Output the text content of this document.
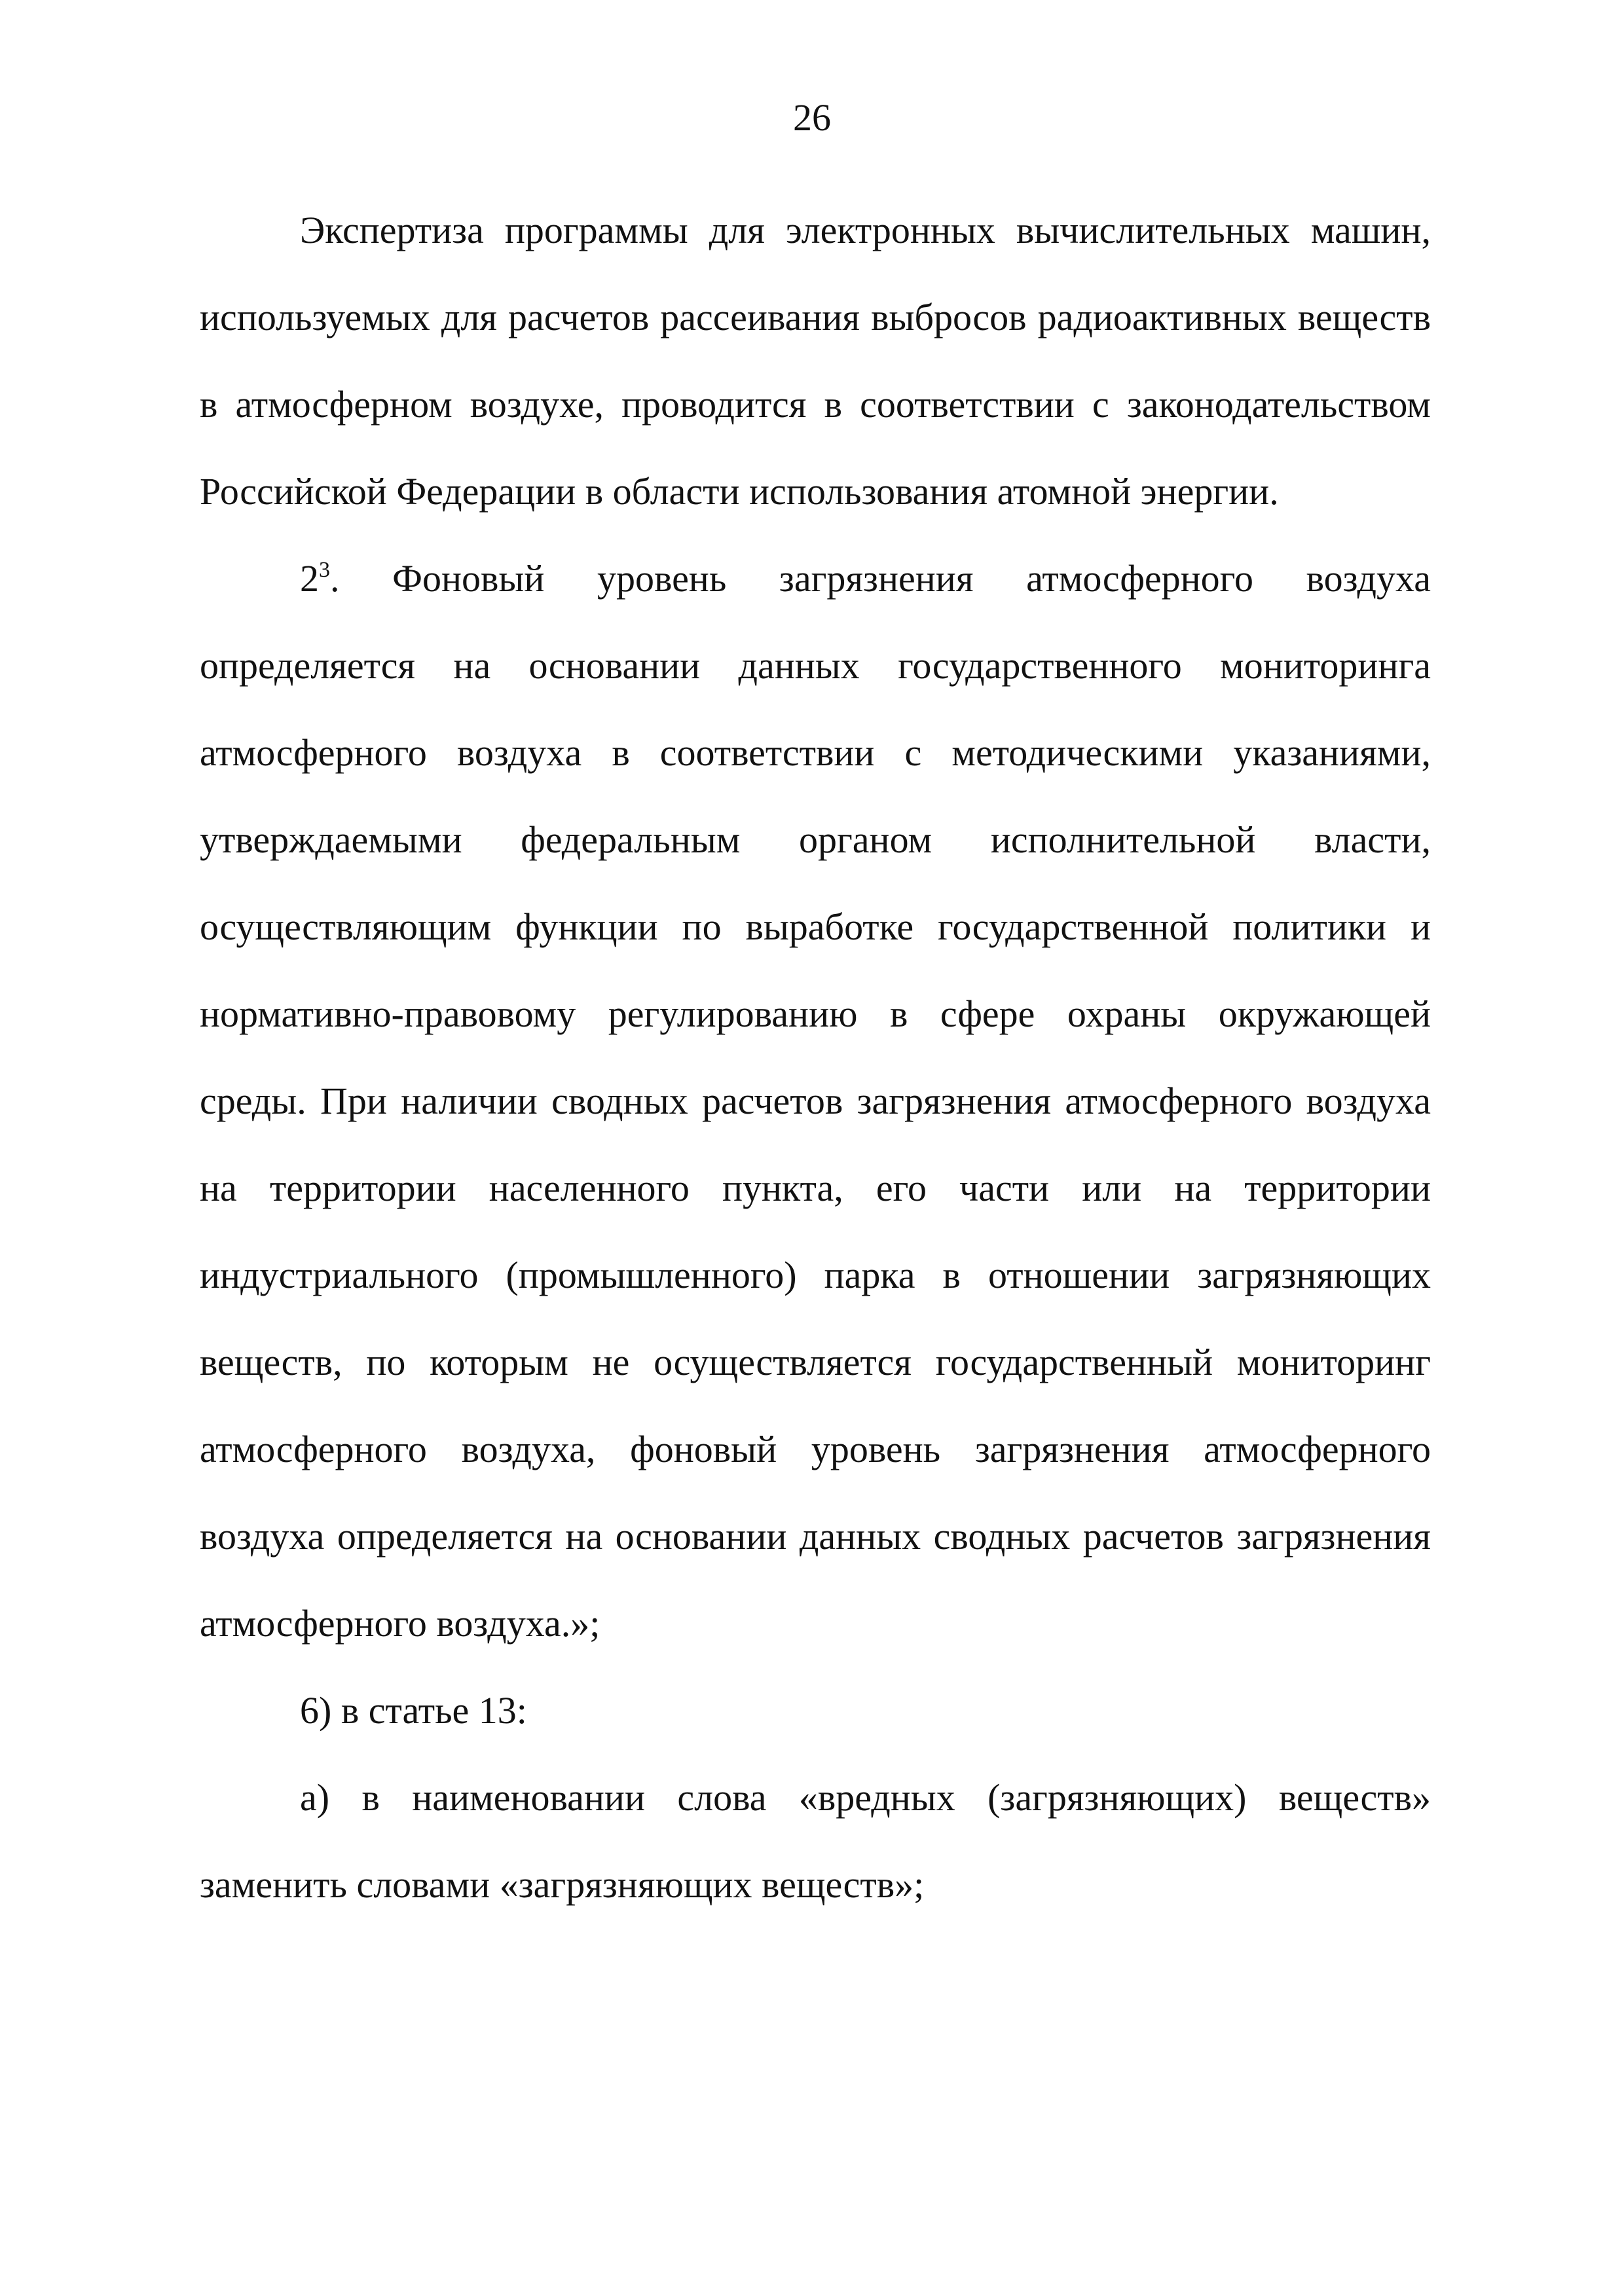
26

Экспертиза программы для электронных вычислительных машин, используемых для расчетов рассеивания выбросов радиоактивных веществ в атмосферном воздухе, проводится в соответствии с законодательством Российской Федерации в области использования атомной энергии.

2$^3$. Фоновый уровень загрязнения атмосферного воздуха определяется на основании данных государственного мониторинга атмосферного воздуха в соответствии с методическими указаниями, утверждаемыми федеральным органом исполнительной власти, осуществляющим функции по выработке государственной политики и нормативно-правовому регулированию в сфере охраны окружающей среды. При наличии сводных расчетов загрязнения атмосферного воздуха на территории населенного пункта, его части или на территории индустриального (промышленного) парка в отношении загрязняющих веществ, по которым не осуществляется государственный мониторинг атмосферного воздуха, фоновый уровень загрязнения атмосферного воздуха определяется на основании данных сводных расчетов загрязнения атмосферного воздуха.»;

6) в статье 13:

а) в наименовании слова «вредных (загрязняющих) веществ» заменить словами «загрязняющих веществ»;
